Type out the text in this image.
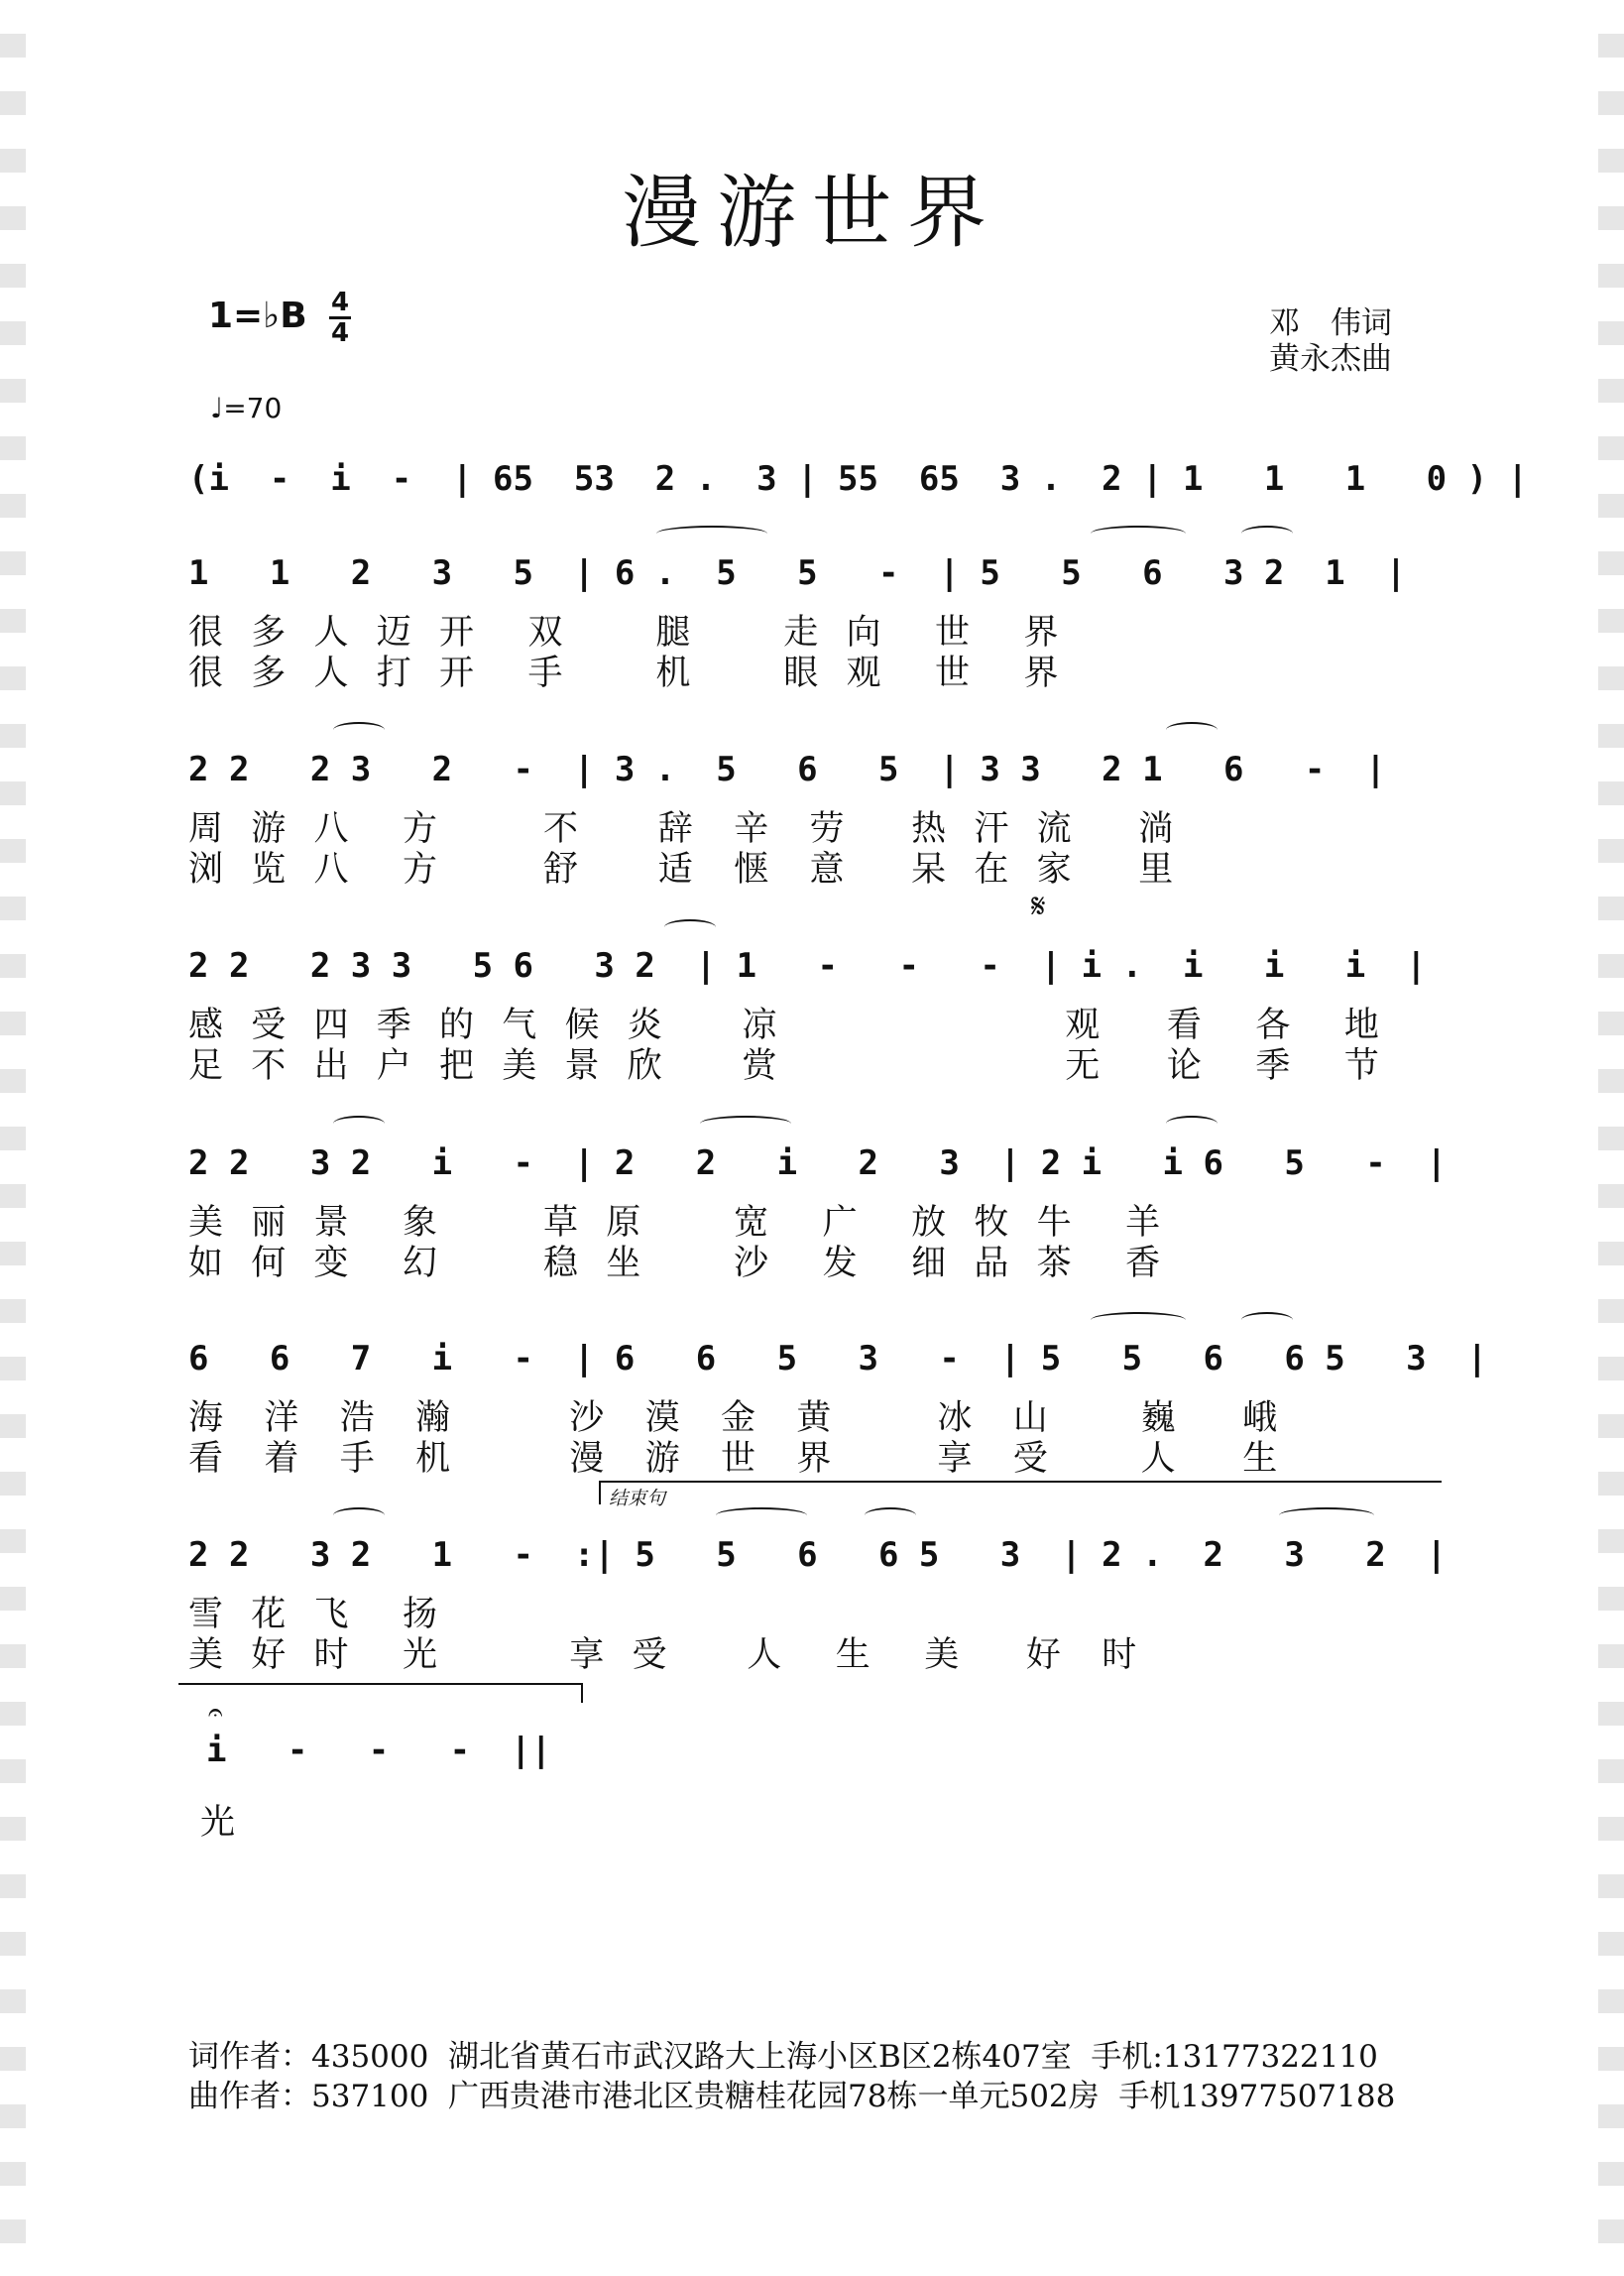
漫游世界
1=♭B 4
4	邓　伟词
黄永杰曲
♩=70
(i  -  i  -  | 65  53  2 .  3 | 55  65  3 .  2 | 1   1   1   0 ) |
1   1   2   3   5  | 6 .  5   5   -  | 5   5   6   3 2  1  |
很  多  人  迈  开    双       腿       走  向    世    界
很  多  人  打  开    手       机       眼  观    世    界
2 2   2 3   2   -  | 3 .  5   6   5  | 3 3   2 1   6   -  |
周  游  八    方        不      辞   辛   劳     热  汗  流     淌
浏  览  八    方        舒      适   惬   意     呆  在  家     里
𝄋
2 2   2 3 3   5 6   3 2  | 1   -   -   -  | i .  i   i   i  |
感  受  四  季  的  气  候  炎      凉                      观     看    各    地
足  不  出  户  把  美  景  欣      赏                      无     论    季    节
2 2   3 2   i   -  | 2   2   i   2   3  | 2 i   i 6   5   -  |
美  丽  景    象        草  原       宽    广    放  牧  牛    羊
如  何  变    幻        稳  坐       沙    发    细  品  茶    香
6   6   7   i   -  | 6   6   5   3   -  | 5   5   6   6 5   3  |
海   洋   浩   瀚         沙   漠   金   黄        冰   山       巍     峨
看   着   手   机         漫   游   世   界        享   受       人     生
结束句
2 2   3 2   1   -  :| 5   5   6   6 5   3  | 2 .  2   3   2  |
雪  花  飞    扬
美  好  时    光          享  受      人    生    美     好   时
i   -   -   -  ||
𝄐
光
词作者：435000  湖北省黄石市武汉路大上海小区B区2栋407室  手机:13177322110
曲作者：537100  广西贵港市港北区贵糖桂花园78栋一单元502房  手机13977507188
